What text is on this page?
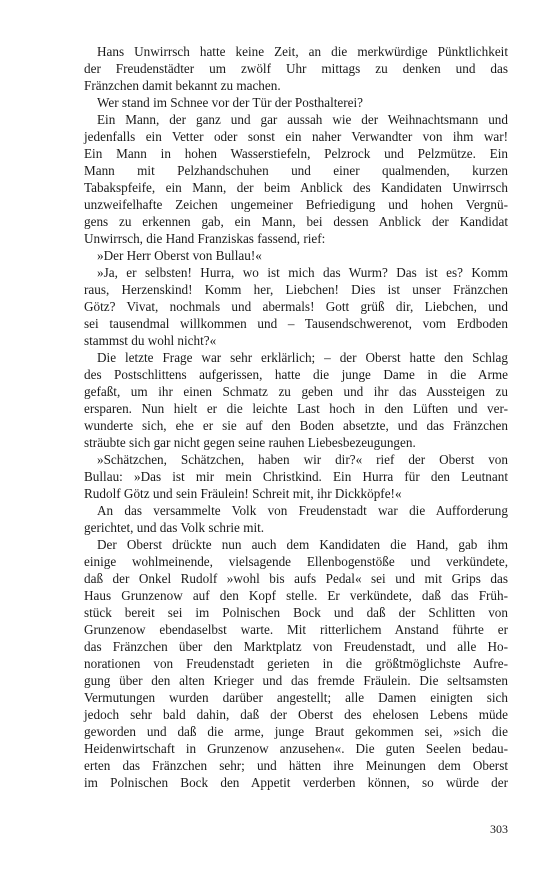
Hans Unwirrsch hatte keine Zeit, an die merkwürdige Pünktlichkeit
der Freudenstädter um zwölf Uhr mittags zu denken und das
Fränzchen damit bekannt zu machen.
Wer stand im Schnee vor der Tür der Posthalterei?
Ein Mann, der ganz und gar aussah wie der Weihnachtsmann und
jedenfalls ein Vetter oder sonst ein naher Verwandter von ihm war!
Ein Mann in hohen Wasserstiefeln, Pelzrock und Pelzmütze. Ein
Mann mit Pelzhandschuhen und einer qualmenden, kurzen
Tabakspfeife, ein Mann, der beim Anblick des Kandidaten Unwirrsch
unzweifelhafte Zeichen ungemeiner Befriedigung und hohen Vergnü-
gens zu erkennen gab, ein Mann, bei dessen Anblick der Kandidat
Unwirrsch, die Hand Franziskas fassend, rief:
»Der Herr Oberst von Bullau!«
»Ja, er selbsten! Hurra, wo ist mich das Wurm? Das ist es? Komm
raus, Herzenskind! Komm her, Liebchen! Dies ist unser Fränzchen
Götz? Vivat, nochmals und abermals! Gott grüß dir, Liebchen, und
sei tausendmal willkommen und – Tausendschwerenot, vom Erdboden
stammst du wohl nicht?«
Die letzte Frage war sehr erklärlich; – der Oberst hatte den Schlag
des Postschlittens aufgerissen, hatte die junge Dame in die Arme
gefaßt, um ihr einen Schmatz zu geben und ihr das Aussteigen zu
ersparen. Nun hielt er die leichte Last hoch in den Lüften und ver-
wunderte sich, ehe er sie auf den Boden absetzte, und das Fränzchen
sträubte sich gar nicht gegen seine rauhen Liebesbezeugungen.
»Schätzchen, Schätzchen, haben wir dir?« rief der Oberst von
Bullau: »Das ist mir mein Christkind. Ein Hurra für den Leutnant
Rudolf Götz und sein Fräulein! Schreit mit, ihr Dickköpfe!«
An das versammelte Volk von Freudenstadt war die Aufforderung
gerichtet, und das Volk schrie mit.
Der Oberst drückte nun auch dem Kandidaten die Hand, gab ihm
einige wohlmeinende, vielsagende Ellenbogenstöße und verkündete,
daß der Onkel Rudolf »wohl bis aufs Pedal« sei und mit Grips das
Haus Grunzenow auf den Kopf stelle. Er verkündete, daß das Früh-
stück bereit sei im Polnischen Bock und daß der Schlitten von
Grunzenow ebendaselbst warte. Mit ritterlichem Anstand führte er
das Fränzchen über den Marktplatz von Freudenstadt, und alle Ho-
norationen von Freudenstadt gerieten in die größtmöglichste Aufre-
gung über den alten Krieger und das fremde Fräulein. Die seltsamsten
Vermutungen wurden darüber angestellt; alle Damen einigten sich
jedoch sehr bald dahin, daß der Oberst des ehelosen Lebens müde
geworden und daß die arme, junge Braut gekommen sei, »sich die
Heidenwirtschaft in Grunzenow anzusehen«. Die guten Seelen bedau-
erten das Fränzchen sehr; und hätten ihre Meinungen dem Oberst
im Polnischen Bock den Appetit verderben können, so würde der
303
